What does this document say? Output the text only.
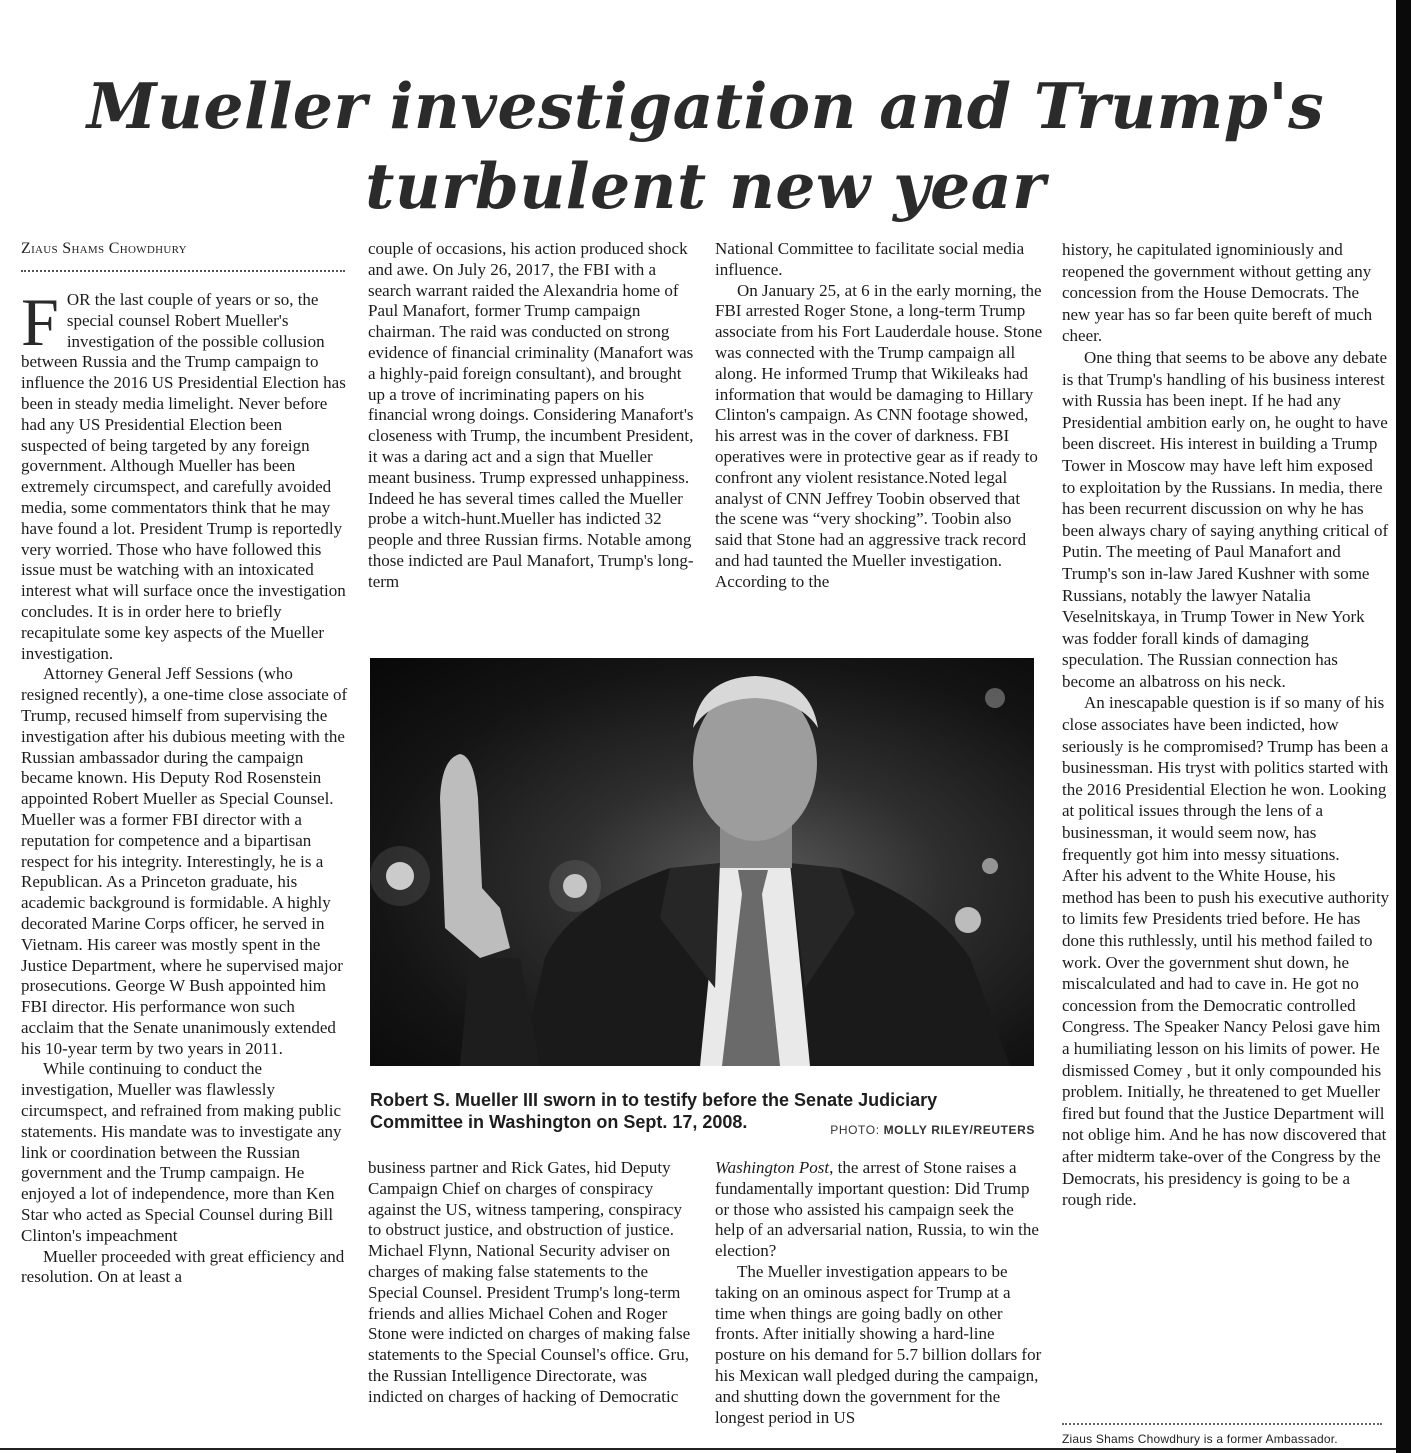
Mueller investigation and Trump's
turbulent new year
Ziaus Shams Chowdhury

FOR the last couple of years or so, the special counsel Robert Mueller's investigation of the possible collusion between Russia and the Trump campaign to influence the 2016 US Presidential Election has been in steady media limelight. Never before had any US Presidential Election been suspected of being targeted by any foreign government. Although Mueller has been extremely circumspect, and carefully avoided media, some commentators think that he may have found a lot. President Trump is reportedly very worried. Those who have followed this issue must be watching with an intoxicated interest what will surface once the investigation concludes. It is in order here to briefly recapitulate some key aspects of the Mueller investigation.

Attorney General Jeff Sessions (who resigned recently), a one-time close associate of Trump, recused himself from supervising the investigation after his dubious meeting with the Russian ambassador during the campaign became known. His Deputy Rod Rosenstein appointed Robert Mueller as Special Counsel. Mueller was a former FBI director with a reputation for competence and a bipartisan respect for his integrity. Interestingly, he is a Republican. As a Princeton graduate, his academic background is formidable. A highly decorated Marine Corps officer, he served in Vietnam. His career was mostly spent in the Justice Department, where he supervised major prosecutions. George W Bush appointed him FBI director. His performance won such acclaim that the Senate unanimously extended his 10-year term by two years in 2011.

While continuing to conduct the investigation, Mueller was flawlessly circumspect, and refrained from making public statements. His mandate was to investigate any link or coordination between the Russian government and the Trump campaign. He enjoyed a lot of independence, more than Ken Star who acted as Special Counsel during Bill Clinton's impeachment

Mueller proceeded with great efficiency and resolution. On at least a

couple of occasions, his action produced shock and awe. On July 26, 2017, the FBI with a search warrant raided the Alexandria home of Paul Manafort, former Trump campaign chairman. The raid was conducted on strong evidence of financial criminality (Manafort was a highly-paid foreign consultant), and brought up a trove of incriminating papers on his financial wrong doings. Considering Manafort's closeness with Trump, the incumbent President, it was a daring act and a sign that Mueller meant business. Trump expressed unhappiness. Indeed he has several times called the Mueller probe a witch-hunt.Mueller has indicted 32 people and three Russian firms. Notable among those indicted are Paul Manafort, Trump's long-term

National Committee to facilitate social media influence.

On January 25, at 6 in the early morning, the FBI arrested Roger Stone, a long-term Trump associate from his Fort Lauderdale house. Stone was connected with the Trump campaign all along. He informed Trump that Wikileaks had information that would be damaging to Hillary Clinton's campaign. As CNN footage showed, his arrest was in the cover of darkness. FBI operatives were in protective gear as if ready to confront any violent resistance.Noted legal analyst of CNN Jeffrey Toobin observed that the scene was “very shocking”. Toobin also said that Stone had an aggressive track record and had taunted the Mueller investigation. According to the

Robert S. Mueller III sworn in to testify before the Senate Judiciary Committee in Washington on Sept. 17, 2008.	PHOTO: MOLLY RILEY/REUTERS

business partner and Rick Gates, hid Deputy Campaign Chief on charges of conspiracy against the US, witness tampering, conspiracy to obstruct justice, and obstruction of justice. Michael Flynn, National Security adviser on charges of making false statements to the Special Counsel. President Trump's long-term friends and allies Michael Cohen and Roger Stone were indicted on charges of making false statements to the Special Counsel's office. Gru, the Russian Intelligence Directorate, was indicted on charges of hacking of Democratic

Washington Post, the arrest of Stone raises a fundamentally important question: Did Trump or those who assisted his campaign seek the help of an adversarial nation, Russia, to win the election?

The Mueller investigation appears to be taking on an ominous aspect for Trump at a time when things are going badly on other fronts. After initially showing a hard-line posture on his demand for 5.7 billion dollars for his Mexican wall pledged during the campaign, and shutting down the government for the longest period in US

history, he capitulated ignominiously and reopened the government without getting any concession from the House Democrats. The new year has so far been quite bereft of much cheer.

One thing that seems to be above any debate is that Trump's handling of his business interest with Russia has been inept. If he had any Presidential ambition early on, he ought to have been discreet. His interest in building a Trump Tower in Moscow may have left him exposed to exploitation by the Russians. In media, there has been recurrent discussion on why he has been always chary of saying anything critical of Putin. The meeting of Paul Manafort and Trump's son in-law Jared Kushner with some Russians, notably the lawyer Natalia Veselnitskaya, in Trump Tower in New York was fodder forall kinds of damaging speculation. The Russian connection has become an albatross on his neck.

An inescapable question is if so many of his close associates have been indicted, how seriously is he compromised? Trump has been a businessman. His tryst with politics started with the 2016 Presidential Election he won. Looking at political issues through the lens of a businessman, it would seem now, has frequently got him into messy situations.

After his advent to the White House, his method has been to push his executive authority to limits few Presidents tried before. He has done this ruthlessly, until his method failed to work. Over the government shut down, he miscalculated and had to cave in. He got no concession from the Democratic controlled Congress. The Speaker Nancy Pelosi gave him a humiliating lesson on his limits of power. He dismissed Comey , but it only compounded his problem. Initially, he threatened to get Mueller fired but found that the Justice Department will not oblige him. And he has now discovered that after midterm take-over of the Congress by the Democrats, his presidency is going to be a rough ride.

Ziaus Shams Chowdhury is a former Ambassador.
